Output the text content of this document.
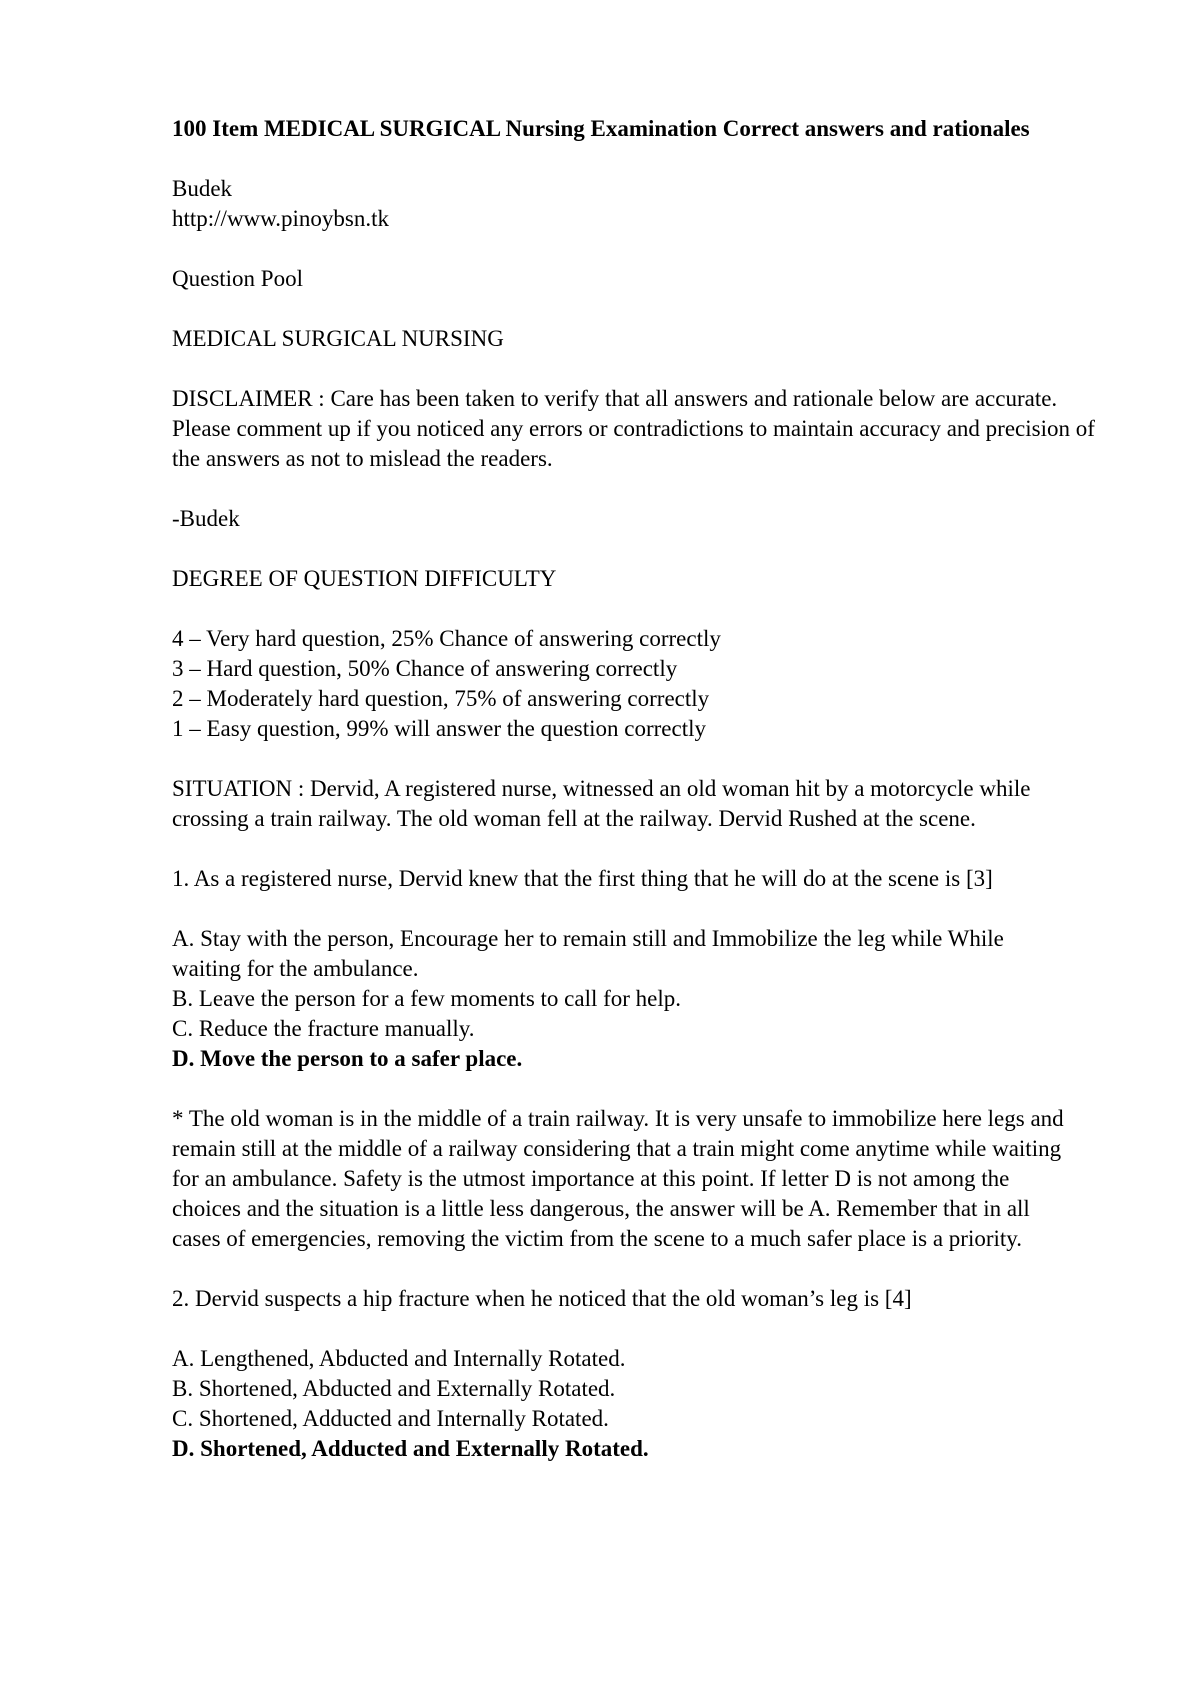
100 Item MEDICAL SURGICAL Nursing Examination Correct answers and rationales
Budek
http://www.pinoybsn.tk
Question Pool
MEDICAL SURGICAL NURSING
DISCLAIMER : Care has been taken to verify that all answers and rationale below are accurate. Please comment up if you noticed any errors or contradictions to maintain accuracy and precision of the answers as not to mislead the readers.
-Budek
DEGREE OF QUESTION DIFFICULTY
4 – Very hard question, 25% Chance of answering correctly
3 – Hard question, 50% Chance of answering correctly
2 – Moderately hard question, 75% of answering correctly
1 – Easy question, 99% will answer the question correctly
SITUATION : Dervid, A registered nurse, witnessed an old woman hit by a motorcycle while crossing a train railway. The old woman fell at the railway. Dervid Rushed at the scene.
1. As a registered nurse, Dervid knew that the first thing that he will do at the scene is [3]
A. Stay with the person, Encourage her to remain still and Immobilize the leg while While waiting for the ambulance.
B. Leave the person for a few moments to call for help.
C. Reduce the fracture manually.
D. Move the person to a safer place.
* The old woman is in the middle of a train railway. It is very unsafe to immobilize here legs and remain still at the middle of a railway considering that a train might come anytime while waiting for an ambulance. Safety is the utmost importance at this point. If letter D is not among the choices and the situation is a little less dangerous, the answer will be A. Remember that in all cases of emergencies, removing the victim from the scene to a much safer place is a priority.
2. Dervid suspects a hip fracture when he noticed that the old woman’s leg is [4]
A. Lengthened, Abducted and Internally Rotated.
B. Shortened, Abducted and Externally Rotated.
C. Shortened, Adducted and Internally Rotated.
D. Shortened, Adducted and Externally Rotated.
